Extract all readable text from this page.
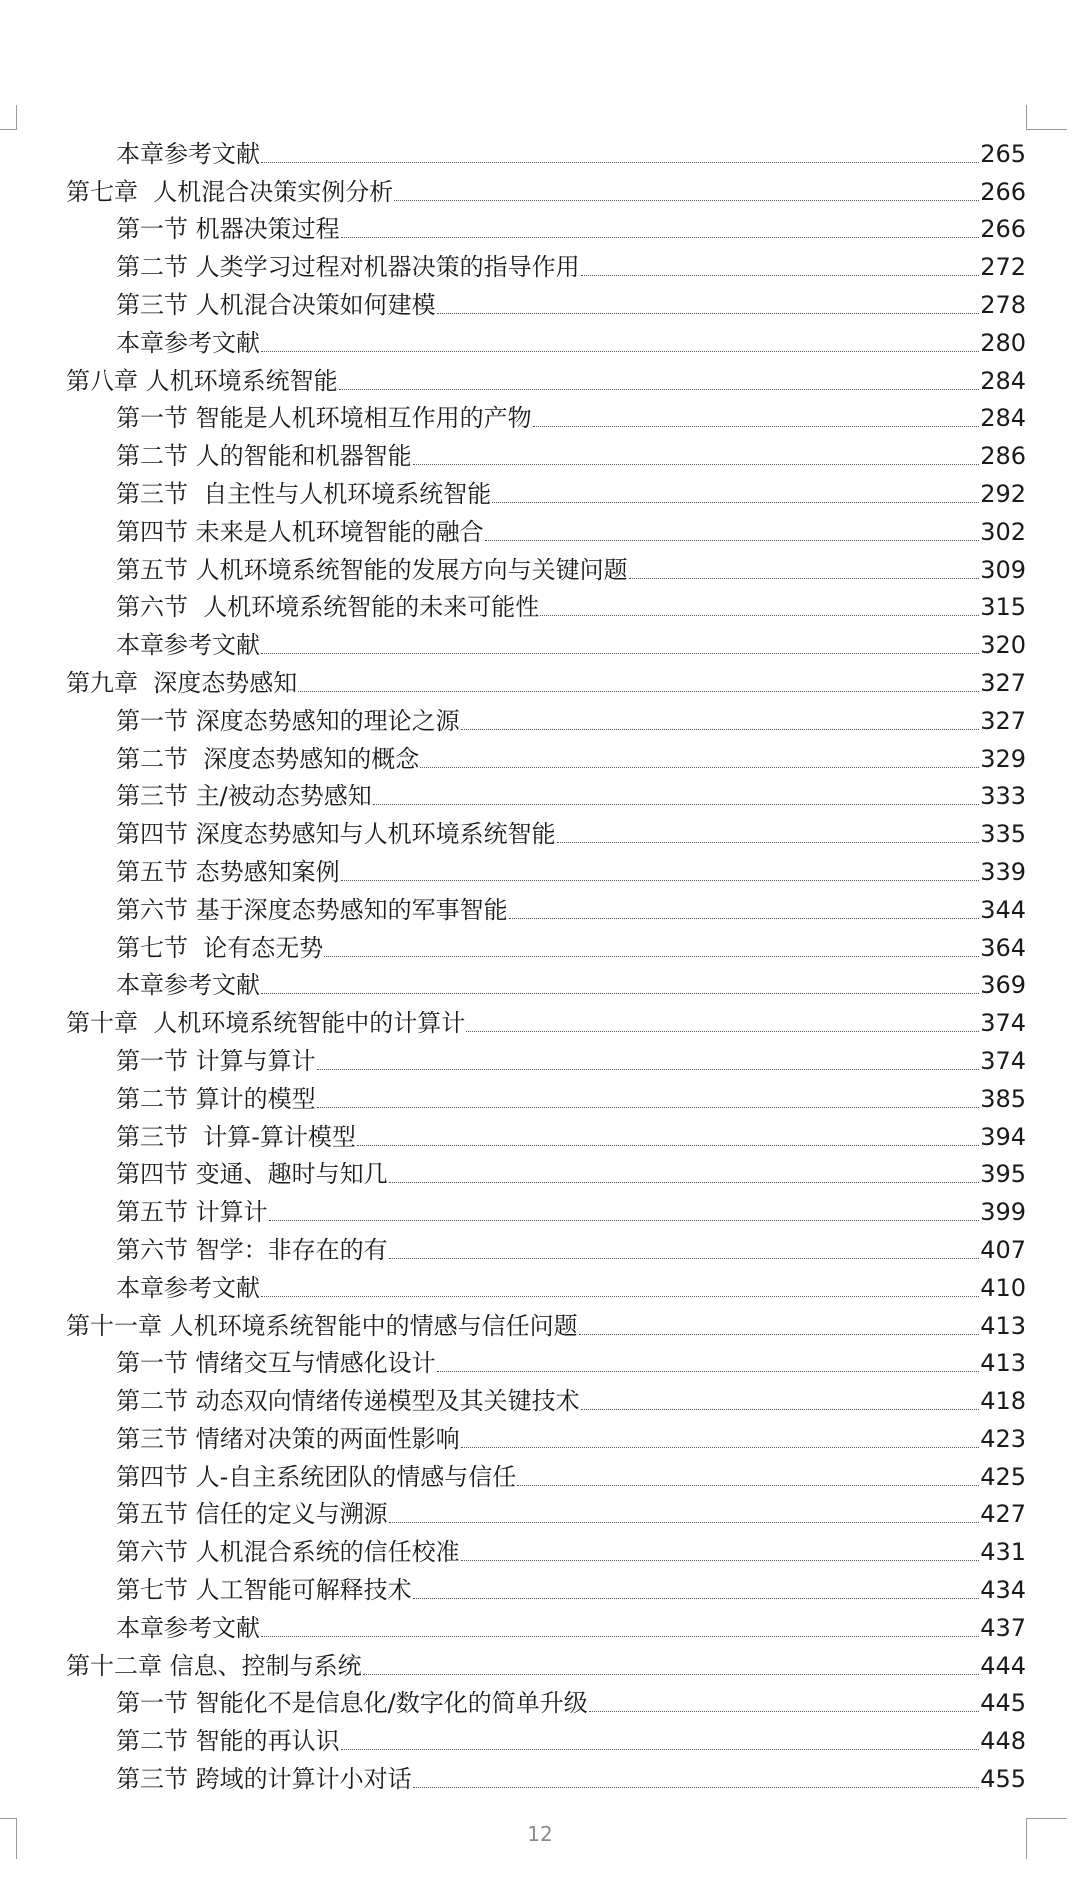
本章参考文献	265
第七章  人机混合决策实例分析	266
第一节 机器决策过程	266
第二节 人类学习过程对机器决策的指导作用	272
第三节 人机混合决策如何建模	278
本章参考文献	280
第八章 人机环境系统智能	284
第一节 智能是人机环境相互作用的产物	284
第二节 人的智能和机器智能	286
第三节  自主性与人机环境系统智能	292
第四节 未来是人机环境智能的融合	302
第五节 人机环境系统智能的发展方向与关键问题	309
第六节  人机环境系统智能的未来可能性	315
本章参考文献	320
第九章  深度态势感知	327
第一节 深度态势感知的理论之源	327
第二节  深度态势感知的概念	329
第三节 主/被动态势感知	333
第四节 深度态势感知与人机环境系统智能	335
第五节 态势感知案例	339
第六节 基于深度态势感知的军事智能	344
第七节  论有态无势	364
本章参考文献	369
第十章  人机环境系统智能中的计算计	374
第一节 计算与算计	374
第二节 算计的模型	385
第三节  计算-算计模型	394
第四节 变通、趣时与知几	395
第五节 计算计	399
第六节 智学：非存在的有	407
本章参考文献	410
第十一章 人机环境系统智能中的情感与信任问题	413
第一节 情绪交互与情感化设计	413
第二节 动态双向情绪传递模型及其关键技术	418
第三节 情绪对决策的两面性影响	423
第四节 人-自主系统团队的情感与信任	425
第五节 信任的定义与溯源	427
第六节 人机混合系统的信任校准	431
第七节 人工智能可解释技术	434
本章参考文献	437
第十二章 信息、控制与系统	444
第一节 智能化不是信息化/数字化的简单升级	445
第二节 智能的再认识	448
第三节 跨域的计算计小对话	455
12
